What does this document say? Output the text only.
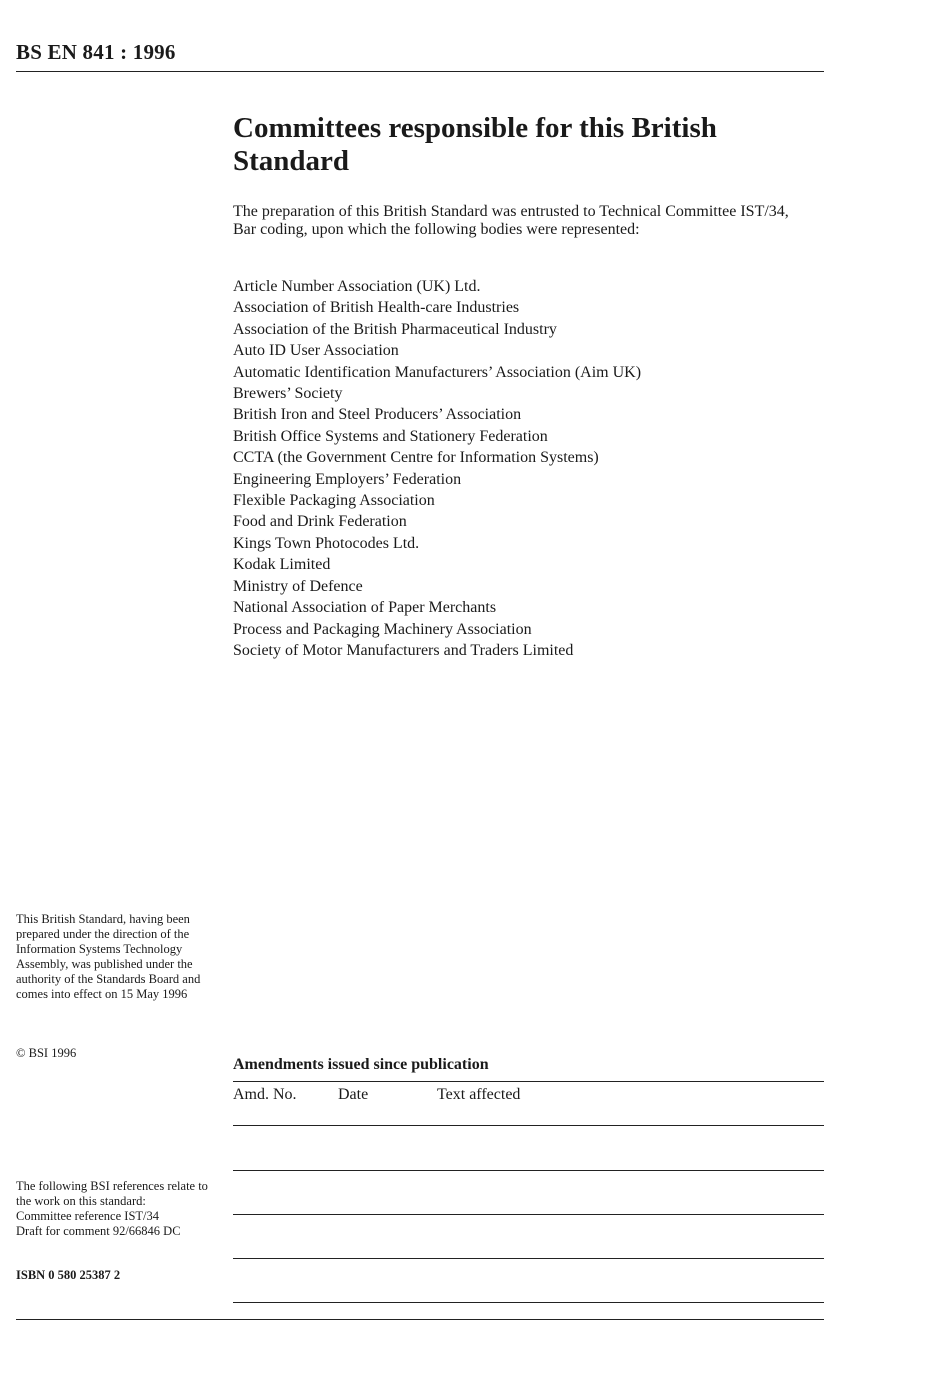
BS EN 841 : 1996
Committees responsible for this British Standard
The preparation of this British Standard was entrusted to Technical Committee IST/34, Bar coding, upon which the following bodies were represented:
Article Number Association (UK) Ltd.
Association of British Health-care Industries
Association of the British Pharmaceutical Industry
Auto ID User Association
Automatic Identification Manufacturers’ Association (Aim UK)
Brewers’ Society
British Iron and Steel Producers’ Association
British Office Systems and Stationery Federation
CCTA (the Government Centre for Information Systems)
Engineering Employers’ Federation
Flexible Packaging Association
Food and Drink Federation
Kings Town Photocodes Ltd.
Kodak Limited
Ministry of Defence
National Association of Paper Merchants
Process and Packaging Machinery Association
Society of Motor Manufacturers and Traders Limited
This British Standard, having been prepared under the direction of the Information Systems Technology Assembly, was published under the authority of the Standards Board and comes into effect on 15 May 1996
© BSI 1996
The following BSI references relate to the work on this standard:
Committee reference IST/34
Draft for comment 92/66846 DC
ISBN 0 580 25387 2
Amendments issued since publication
Amd. No.	Date	Text affected
